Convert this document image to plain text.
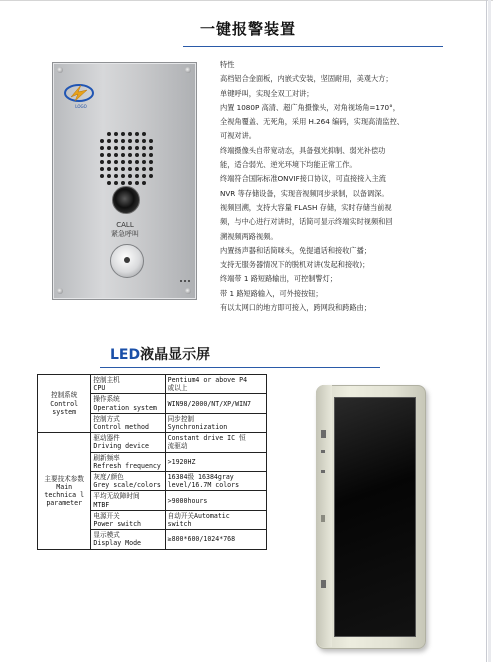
一键报警装置
LOGO
CALL
紧急呼叫
特性
高档铝合金面板，内嵌式安装，坚固耐用，美观大方；
单键呼叫，实现全双工对讲；
内置 1080P 高清、超广角摄像头，对角视场角=170°，
全视角覆盖、无死角，采用 H.264 编码，实现高清监控、
可视对讲。
终端摄像头自带宽动态，具备强光抑制、弱光补偿功
能，适合弱光、逆光环境下均能正常工作。
终端符合国际标准ONVIF接口协议，可直接接入主流
NVR 等存储设备，实现音视频同步录制，以备调深。
视频回溯，支持大容量 FLASH 存储，实时存储当前视
频，与中心进行对讲时，话简可显示终端实时视频和回
溯视频两路视频。
内置扬声器和话简咪头，免提通话和接收广播；
支持无服务器情况下的脱机对讲(发起和接收)；
终端带 1 路短路输出，可控制警灯；
带 1 路短路输入，可外接按钮；
有以太网口的地方即可接入，跨网段和跨路由；
LED液晶显示屏
控制系统
Control system	控制主机
CPU	Pentium4 or above P4
或以上
	操作系统
Operation system	WIN98/2000/NT/XP/WIN7
	控制方式
Control method	同步控制
Synchronization
主要技术参数
Main technica l parameter	驱动器件
Driving device	Constant drive IC 恒
流驱动
	刷新频率
Refresh frequency	>1920HZ
	灰度/颜色
Grey scale/colors	16384级 16384gray
level/16.7M colors
	平均无故障时间
MTBF	>9000hours
	电源开关
Power switch	自动开关Automatic
switch
	显示模式
Display Mode	≥800*600/1024*768
